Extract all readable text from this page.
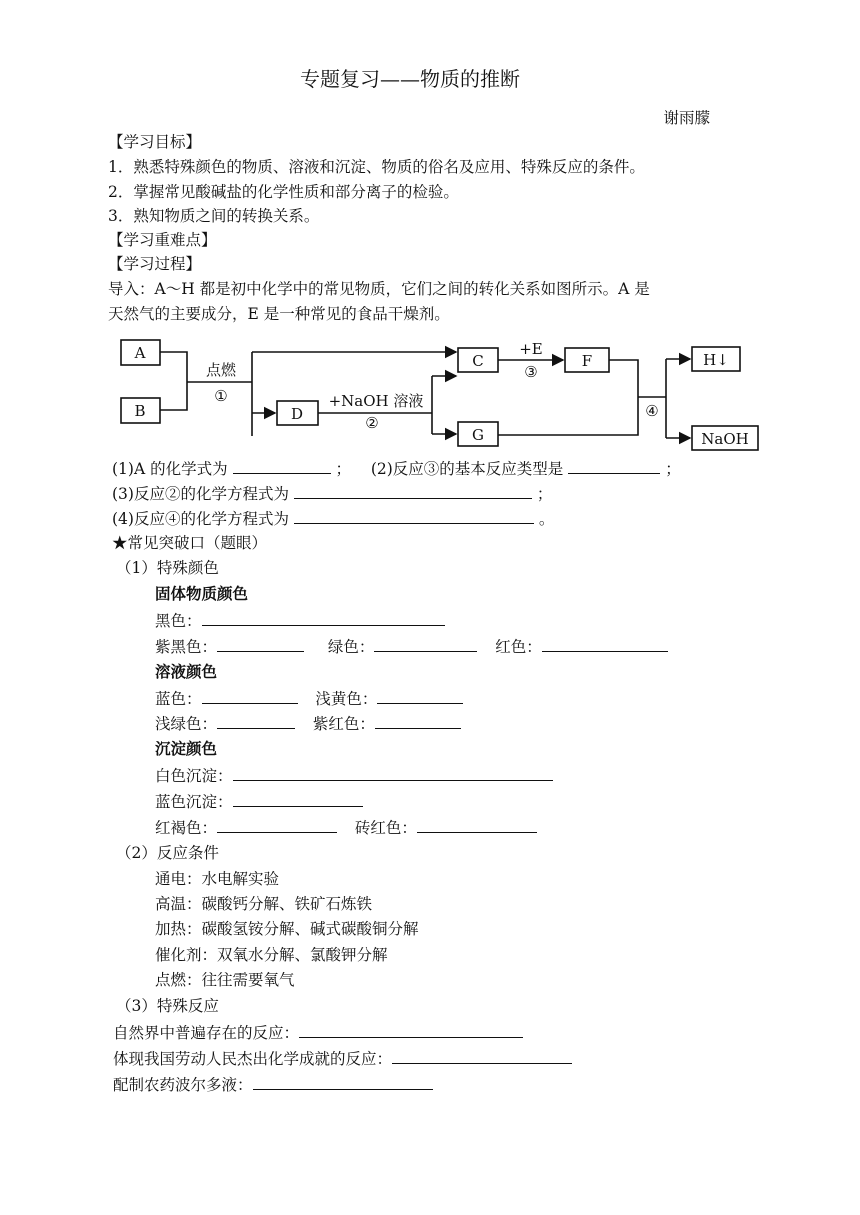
专题复习——物质的推断
谢雨朦
【学习目标】
1．熟悉特殊颜色的物质、溶液和沉淀、物质的俗名及应用、特殊反应的条件。
2．掌握常见酸碱盐的化学性质和部分离子的检验。
3．熟知物质之间的转换关系。
【学习重难点】
【学习过程】
导入：A～H 都是初中化学中的常见物质，它们之间的转化关系如图所示。A 是
天然气的主要成分，E 是一种常见的食品干燥剂。
A
B	D
C	F
G
H↓
NaOH
点燃
①	+NaOH 溶液
②
+E
③
④
(1)A 的化学式为	； (2)反应③的基本反应类型是	；
(3)反应②的化学方程式为	；
(4)反应④的化学方程式为	。
★常见突破口（题眼）
（1）特殊颜色
固体物质颜色
黑色：
紫黑色：	绿色：	红色：
溶液颜色
蓝色：	浅黄色：
浅绿色：	紫红色：
沉淀颜色
白色沉淀：
蓝色沉淀：
红褐色：	砖红色：
（2）反应条件
通电：水电解实验
高温：碳酸钙分解、铁矿石炼铁
加热：碳酸氢铵分解、碱式碳酸铜分解
催化剂：双氧水分解、氯酸钾分解
点燃：往往需要氧气
（3）特殊反应
自然界中普遍存在的反应：
体现我国劳动人民杰出化学成就的反应：
配制农药波尔多液：
